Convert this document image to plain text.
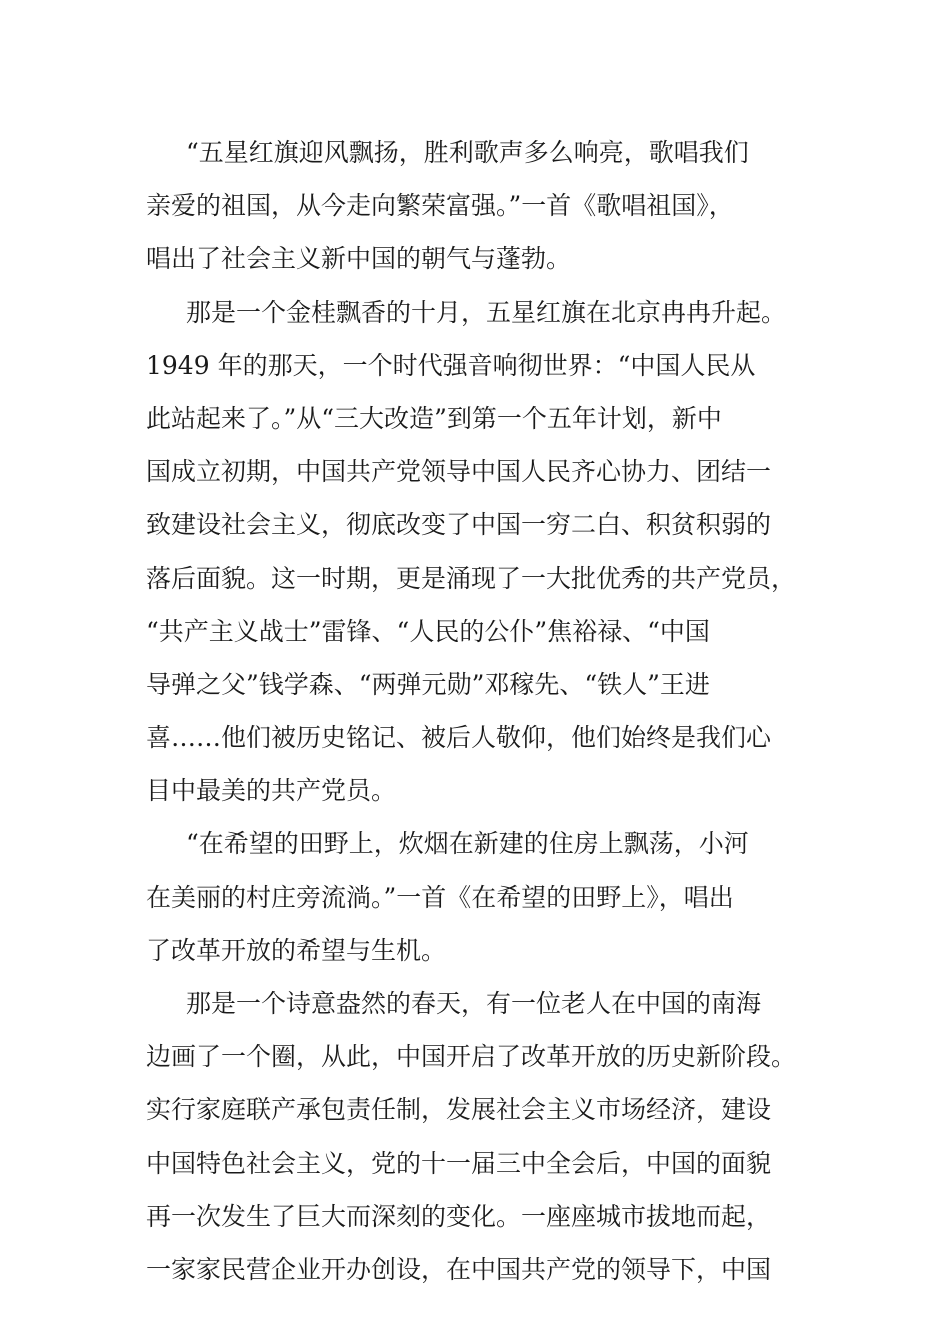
“五星红旗迎风飘扬，胜利歌声多么响亮，歌唱我们
亲爱的祖国，从今走向繁荣富强。”一首《歌唱祖国》，
唱出了社会主义新中国的朝气与蓬勃。
那是一个金桂飘香的十月，五星红旗在北京冉冉升起。
1949 年的那天，一个时代强音响彻世界：“中国人民从
此站起来了。”从“三大改造”到第一个五年计划，新中
国成立初期，中国共产党领导中国人民齐心协力、团结一
致建设社会主义，彻底改变了中国一穷二白、积贫积弱的
落后面貌。这一时期，更是涌现了一大批优秀的共产党员，
“共产主义战士”雷锋、“人民的公仆”焦裕禄、“中国
导弹之父”钱学森、“两弹元勋”邓稼先、“铁人”王进
喜……他们被历史铭记、被后人敬仰，他们始终是我们心
目中最美的共产党员。
“在希望的田野上，炊烟在新建的住房上飘荡，小河
在美丽的村庄旁流淌。”一首《在希望的田野上》，唱出
了改革开放的希望与生机。
那是一个诗意盎然的春天，有一位老人在中国的南海
边画了一个圈，从此，中国开启了改革开放的历史新阶段。
实行家庭联产承包责任制，发展社会主义市场经济，建设
中国特色社会主义，党的十一届三中全会后，中国的面貌
再一次发生了巨大而深刻的变化。一座座城市拔地而起，
一家家民营企业开办创设，在中国共产党的领导下，中国
